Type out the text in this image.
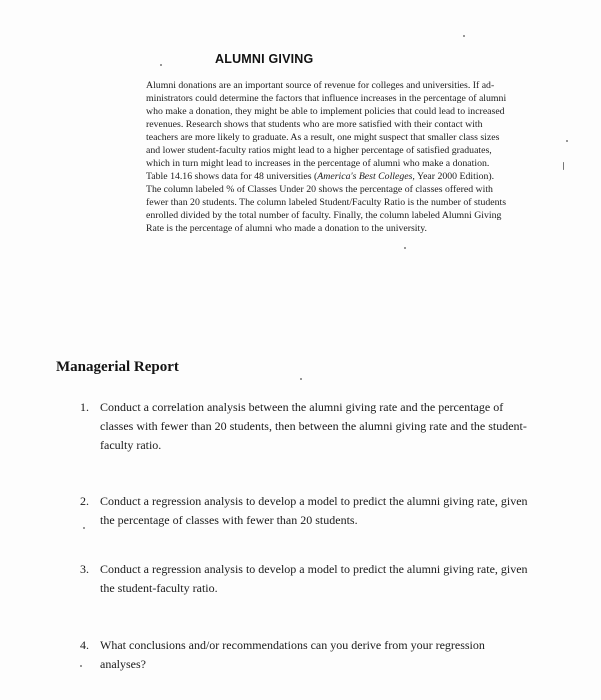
ALUMNI GIVING

Alumni donations are an important source of revenue for colleges and universities. If ad-
ministrators could determine the factors that influence increases in the percentage of alumni
who make a donation, they might be able to implement policies that could lead to increased
revenues. Research shows that students who are more satisfied with their contact with
teachers are more likely to graduate. As a result, one might suspect that smaller class sizes
and lower student-faculty ratios might lead to a higher percentage of satisfied graduates,
which in turn might lead to increases in the percentage of alumni who make a donation.
Table 14.16 shows data for 48 universities (America's Best Colleges, Year 2000 Edition).
The column labeled % of Classes Under 20 shows the percentage of classes offered with
fewer than 20 students. The column labeled Student/Faculty Ratio is the number of students
enrolled divided by the total number of faculty. Finally, the column labeled Alumni Giving
Rate is the percentage of alumni who made a donation to the university.

Managerial Report
1. Conduct a correlation analysis between the alumni giving rate and the percentage of
classes with fewer than 20 students, then between the alumni giving rate and the student-
faculty ratio.
2. Conduct a regression analysis to develop a model to predict the alumni giving rate, given
the percentage of classes with fewer than 20 students.
3. Conduct a regression analysis to develop a model to predict the alumni giving rate, given
the student-faculty ratio.
4. What conclusions and/or recommendations can you derive from your regression
analyses?
